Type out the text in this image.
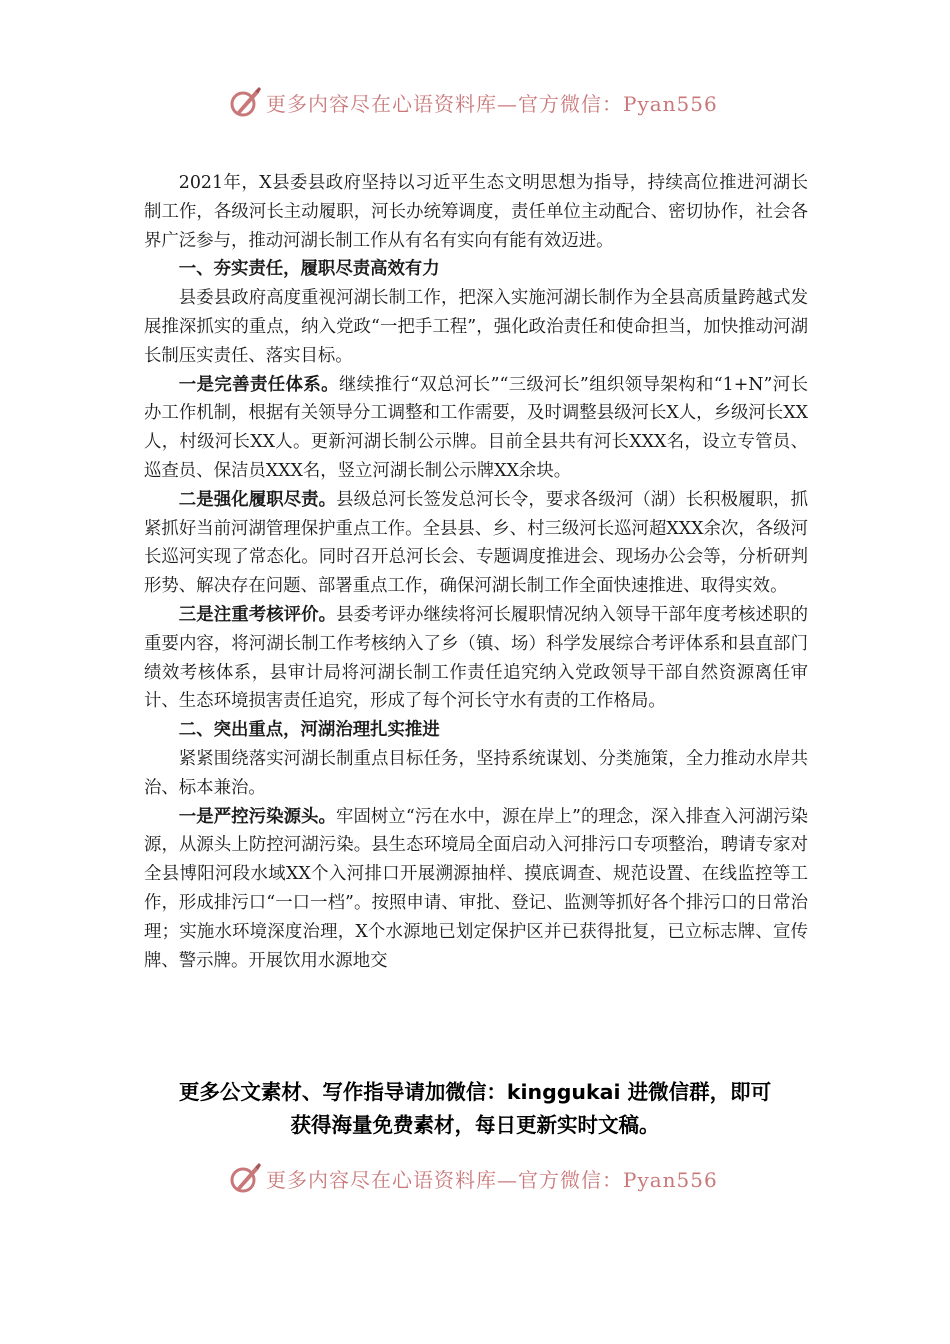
更多内容尽在心语资料库—官方微信：Pyan556

2021年，X县委县政府坚持以习近平生态文明思想为指导，持续高位推进河湖长制工作，各级河长主动履职，河长办统筹调度，责任单位主动配合、密切协作，社会各界广泛参与，推动河湖长制工作从有名有实向有能有效迈进。

一、夯实责任，履职尽责高效有力

县委县政府高度重视河湖长制工作，把深入实施河湖长制作为全县高质量跨越式发展推深抓实的重点，纳入党政“一把手工程”，强化政治责任和使命担当，加快推动河湖长制压实责任、落实目标。

一是完善责任体系。继续推行“双总河长”“三级河长”组织领导架构和“1+N”河长办工作机制，根据有关领导分工调整和工作需要，及时调整县级河长X人，乡级河长XX人，村级河长XX人。更新河湖长制公示牌。目前全县共有河长XXX名，设立专管员、巡查员、保洁员XXX名，竖立河湖长制公示牌XX余块。

二是强化履职尽责。县级总河长签发总河长令，要求各级河（湖）长积极履职，抓紧抓好当前河湖管理保护重点工作。全县县、乡、村三级河长巡河超XXX余次，各级河长巡河实现了常态化。同时召开总河长会、专题调度推进会、现场办公会等，分析研判形势、解决存在问题、部署重点工作，确保河湖长制工作全面快速推进、取得实效。

三是注重考核评价。县委考评办继续将河长履职情况纳入领导干部年度考核述职的重要内容，将河湖长制工作考核纳入了乡（镇、场）科学发展综合考评体系和县直部门绩效考核体系，县审计局将河湖长制工作责任追究纳入党政领导干部自然资源离任审计、生态环境损害责任追究，形成了每个河长守水有责的工作格局。

二、突出重点，河湖治理扎实推进

紧紧围绕落实河湖长制重点目标任务，坚持系统谋划、分类施策，全力推动水岸共治、标本兼治。

一是严控污染源头。牢固树立“污在水中，源在岸上”的理念，深入排查入河湖污染源，从源头上防控河湖污染。县生态环境局全面启动入河排污口专项整治，聘请专家对全县博阳河段水域XX个入河排口开展溯源抽样、摸底调查、规范设置、在线监控等工作，形成排污口“一口一档”。按照申请、审批、登记、监测等抓好各个排污口的日常治理；实施水环境深度治理，X个水源地已划定保护区并已获得批复，已立标志牌、宣传牌、警示牌。开展饮用水源地交

更多公文素材、写作指导请加微信：kinggukai 进微信群，即可
获得海量免费素材，每日更新实时文稿。
更多内容尽在心语资料库—官方微信：Pyan556
